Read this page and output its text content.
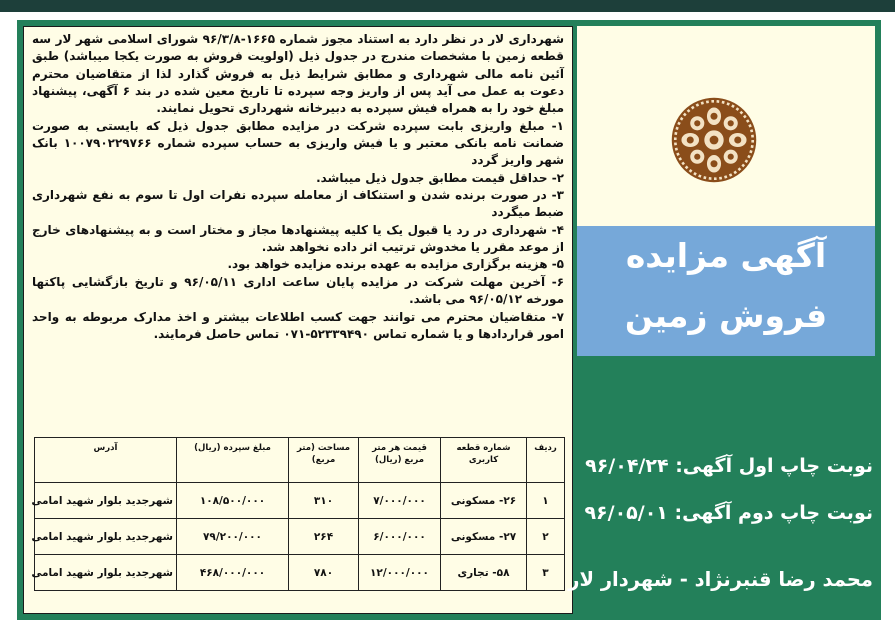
شهرداری لار در نظر دارد به استناد مجوز شماره ۱۶۶۵-۹۶/۳/۸ شورای اسلامی شهر لار سه قطعه زمین با مشخصات مندرج در جدول ذیل (اولویت فروش به صورت یکجا میباشد) طبق آئین نامه مالی شهرداری و مطابق شرایط ذیل به فروش گذارد لذا از متقاضیان محترم دعوت به عمل می آید پس از واریز وجه سپرده تا تاریخ معین شده در بند ۶ آگهی، پیشنهاد مبلغ خود را به همراه فیش سپرده به دبیرخانه شهرداری تحویل نمایند.

۱- مبلغ واریزی بابت سپرده شرکت در مزایده مطابق جدول ذیل که بایستی به صورت ضمانت نامه بانکی معتبر و یا فیش واریزی به حساب سپرده شماره ۱۰۰۷۹۰۲۲۹۷۶۶ بانک شهر واریز گردد

۲- حداقل قیمت مطابق جدول ذیل میباشد.

۳- در صورت برنده شدن و استنکاف از معامله سپرده نفرات اول تا سوم به نفع شهرداری ضبط میگردد

۴- شهرداری در رد یا قبول یک یا کلیه پیشنهادها مجاز و مختار است و به پیشنهادهای خارج از موعد مقرر یا مخدوش ترتیب اثر داده نخواهد شد.

۵- هزینه برگزاری مزایده به عهده برنده مزایده خواهد بود.

۶- آخرین مهلت شرکت در مزایده پایان ساعت اداری ۹۶/۰۵/۱۱ و تاریخ بازگشایی پاکتها مورخه ۹۶/۰۵/۱۲ می باشد.

۷- متقاضیان محترم می توانند جهت کسب اطلاعات بیشتر و اخذ مدارک مربوطه به واحد امور قراردادها و یا شماره تماس ۵۲۳۳۹۴۹۰-۰۷۱ تماس حاصل فرمایند.

ردیف	شماره قطعه کاربری	قیمت هر متر مربع (ریال)	مساحت (متر مربع)	مبلغ سپرده (ریال)	آدرس
۱	۲۶- مسکونی	۷/۰۰۰/۰۰۰	۳۱۰	۱۰۸/۵۰۰/۰۰۰	شهرجدید بلوار شهید امامی
۲	۲۷- مسکونی	۶/۰۰۰/۰۰۰	۲۶۴	۷۹/۲۰۰/۰۰۰	شهرجدید بلوار شهید امامی
۳	۵۸- تجاری	۱۲/۰۰۰/۰۰۰	۷۸۰	۴۶۸/۰۰۰/۰۰۰	شهرجدید بلوار شهید امامی
آگهی مزایده
فروش زمین
نوبت چاپ اول آگهی: ۹۶/۰۴/۲۴
نوبت چاپ دوم آگهی: ۹۶/۰۵/۰۱
محمد رضا قنبرنژاد - شهردار لار
